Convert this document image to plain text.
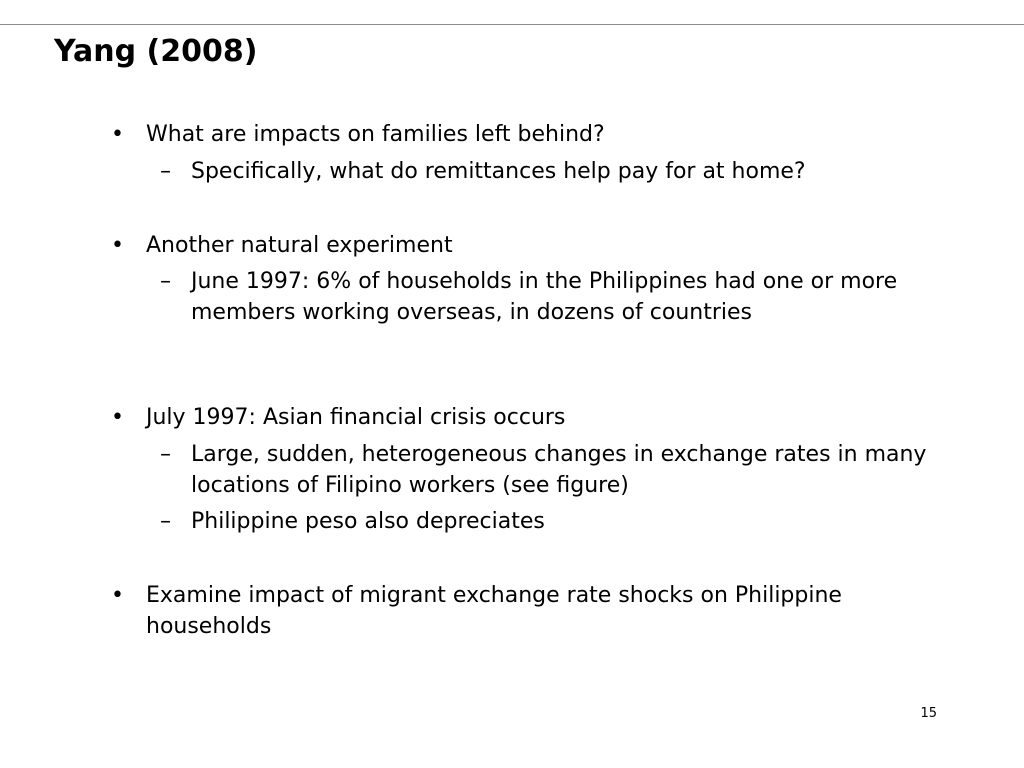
Yang (2008)
• What are impacts on families left behind?
– Specifically, what do remittances help pay for at home?
• Another natural experiment
– June 1997: 6% of households in the Philippines had one or more members working overseas, in dozens of countries
• July 1997: Asian financial crisis occurs
– Large, sudden, heterogeneous changes in exchange rates in many locations of Filipino workers (see figure)
– Philippine peso also depreciates
• Examine impact of migrant exchange rate shocks on Philippine households
15
